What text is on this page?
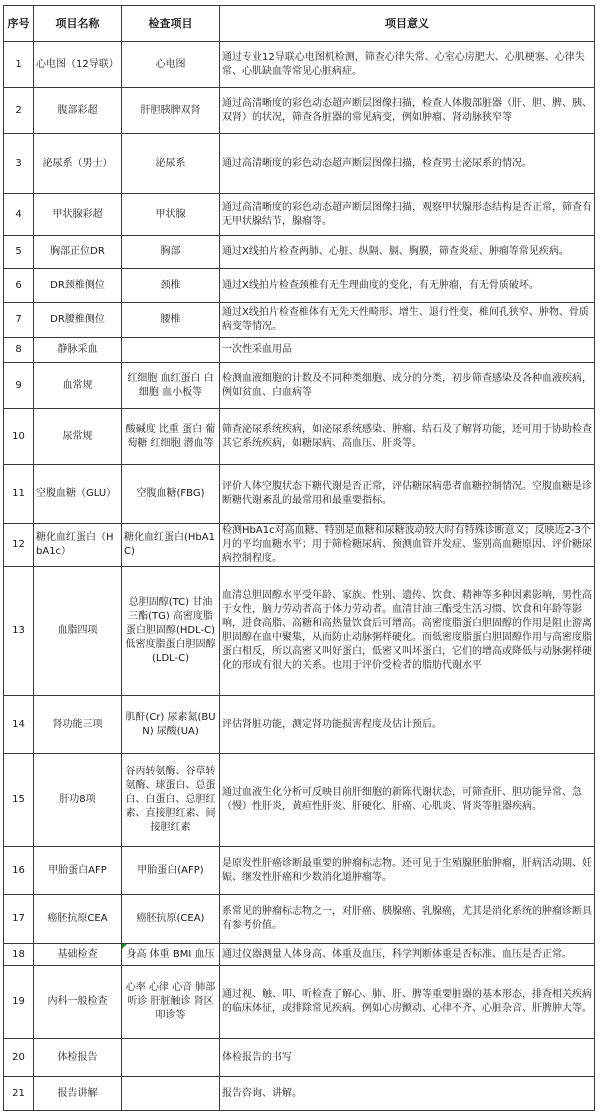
序号	项目名称	检查项目	项目意义
1	心电图（12导联）	心电图	通过专业12导联心电图机检测，筛查心律失常、心室心房肥大、心肌梗塞、心律失常、心肌缺血等常见心脏病症。
2	腹部彩超	肝胆胰脾双肾	通过高清晰度的彩色动态超声断层图像扫描，检查人体腹部脏器（肝、胆、脾、胰、双肾）的状况，筛查各脏器的常见病变，例如肿瘤、肾动脉狭窄等
3	泌尿系（男士）	泌尿系	通过高清晰度的彩色动态超声断层图像扫描，检查男士泌尿系的情况。
4	甲状腺彩超	甲状腺	通过高清晰度的彩色动态超声断层图像扫描，观察甲状腺形态结构是否正常，筛查有无甲状腺结节，腺瘤等。
5	胸部正位DR	胸部	通过X线拍片检查两肺、心脏、纵隔、膈、胸膜，筛查炎症、肿瘤等常见疾病。
6	DR颈椎侧位	颈椎	通过X线拍片检查颈椎有无生理曲度的变化，有无肿瘤，有无骨质破坏。
7	DR腰椎侧位	腰椎	通过X线拍片检查椎体有无先天性畸形、增生、退行性变、椎间孔狭窄、肿物、骨质病变等情况。
8	静脉采血		一次性采血用品
9	血常规	红细胞 血红蛋白 白细胞 血小板等	检测血液细胞的计数及不同种类细胞、成分的分类，初步筛查感染及各种血液疾病，例如贫血、白血病等
10	尿常规	酸碱度 比重 蛋白 葡萄糖 红细胞 潜血等	筛查泌尿系统疾病，如泌尿系统感染、肿瘤、结石及了解肾功能，还可用于协助检查其它系统疾病，如糖尿病、高血压、肝炎等。
11	空腹血糖（GLU）	空腹血糖(FBG)	评价人体空腹状态下糖代谢是否正常，评估糖尿病患者血糖控制情况。空腹血糖是诊断糖代谢紊乱的最常用和最重要指标。
12	糖化血红蛋白（HbA1c）	糖化血红蛋白(HbA1C)	检测HbA1c对高血糖、特别是血糖和尿糖波动较大时有特殊诊断意义；反映近2-3个月的平均血糖水平；用于筛检糖尿病、预测血管并发症、鉴别高血糖原因、评价糖尿病控制程度。
13	血脂四项	总胆固醇(TC) 甘油三酯(TG) 高密度脂蛋白胆固醇(HDL-C) 低密度脂蛋白胆固醇(LDL-C)	血清总胆固醇水平受年龄、家族、性别、遗传、饮食、精神等多种因素影响，男性高于女性，脑力劳动者高于体力劳动者。血清甘油三酯受生活习惯、饮食和年龄等影响，进食高脂、高糖和高热量饮食后可增高。高密度脂蛋白胆固醇的作用是阻止游离胆固醇在血中聚集，从而防止动脉粥样硬化。而低密度脂蛋白胆固醇作用与高密度脂蛋白相反，所以高密又叫好蛋白，低密又叫坏蛋白，它们的增高或降低与动脉粥样硬化的形成有很大的关系。也用于评价受检者的脂肪代谢水平
14	肾功能三项	肌酐(Cr) 尿素氮(BUN) 尿酸(UA)	评估肾脏功能，测定肾功能损害程度及估计预后。
15	肝功8项	谷丙转氨酶、谷草转氨酶、球蛋白、总蛋白、白蛋白、总胆红素、直接胆红素、间接胆红素	通过血液生化分析可反映目前肝细胞的新陈代谢状态，可筛查肝、胆功能异常、急（慢）性肝炎，黄疸性肝炎、肝硬化、肝癌、心肌炎、肾炎等脏器疾病。
16	甲胎蛋白AFP	甲胎蛋白(AFP)	是原发性肝癌诊断最重要的肿瘤标志物。还可见于生殖腺胚胎肿瘤，肝病活动期、妊娠、继发性肝癌和少数消化道肿瘤等。
17	癌胚抗原CEA	癌胚抗原(CEA)	系常见的肿瘤标志物之一，对肝癌、胰腺癌、乳腺癌，尤其是消化系统的肿瘤诊断具有参考价值。
18	基础检查	身高 体重 BMI 血压	通过仪器测量人体身高、体重及血压，科学判断体重是否标准、血压是否正常。
19	内科一般检查	心率 心律 心音 肺部听诊 肝脏触诊 肾区叩诊等	通过视、触、叩、听检查了解心、肺、肝、脾等重要脏器的基本形态，排查相关疾病的临床体征，或排除常见疾病。例如心房颤动、心律不齐、心脏杂音、肝脾肿大等。
20	体检报告		体检报告的书写
21	报告讲解		报告咨询、讲解。
